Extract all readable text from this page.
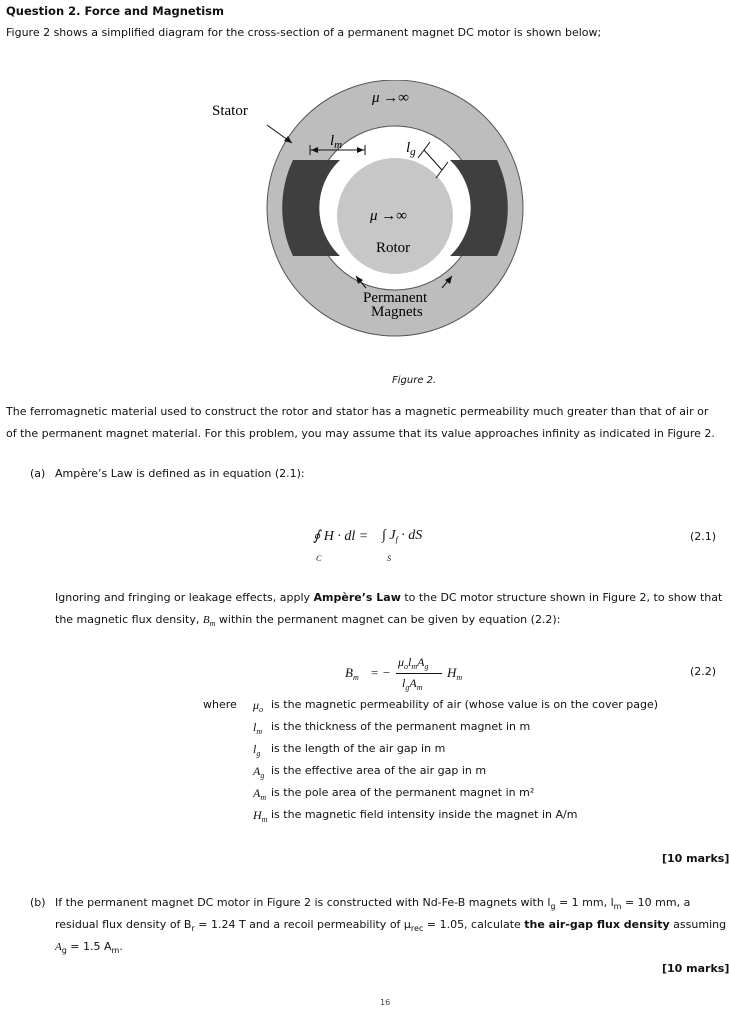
Question 2. Force and Magnetism
Figure 2 shows a simplified diagram for the cross-section of a permanent magnet DC motor is shown below;
Stator
μ →∞
$l_m$	$l_g$
μ →∞
Rotor
Permanent
Magnets
Figure 2.
The ferromagnetic material used to construct the rotor and stator has a magnetic permeability much greater than that of air or
of the permanent magnet material. For this problem, you may assume that its value approaches infinity as indicated in Figure 2.
(a) Ampère’s Law is defined as in equation (2.1):
∮ H · dl = ∫ $J_f$ · dS
C	S
(2.1)
Ignoring and fringing or leakage effects, apply Ampère’s Law to the DC motor structure shown in Figure 2, to show that
the magnetic flux density, $B_m$ within the permanent magnet can be given by equation (2.2):
$B_m$ = −
$\mu_ol_mA_g$
$l_gA_m$
$H_m$	(2.2)
where $\mu_o$ is the magnetic permeability of air (whose value is on the cover page)
$l_m$ is the thickness of the permanent magnet in m
$l_g$ is the length of the air gap in m
$A_g$ is the effective area of the air gap in m
$A_m$ is the pole area of the permanent magnet in m²
$H_m$ is the magnetic field intensity inside the magnet in A/m
[10 marks]
(b) If the permanent magnet DC motor in Figure 2 is constructed with Nd-Fe-B magnets with $l_g = 1$ mm, $l_m = 10$ mm, a
residual flux density of $B_r = 1.24$ T and a recoil permeability of $\mu_{rec} = 1.05$, calculate the air-gap flux density assuming
$A_g = 1.5$ $A_m$.
[10 marks]
16
